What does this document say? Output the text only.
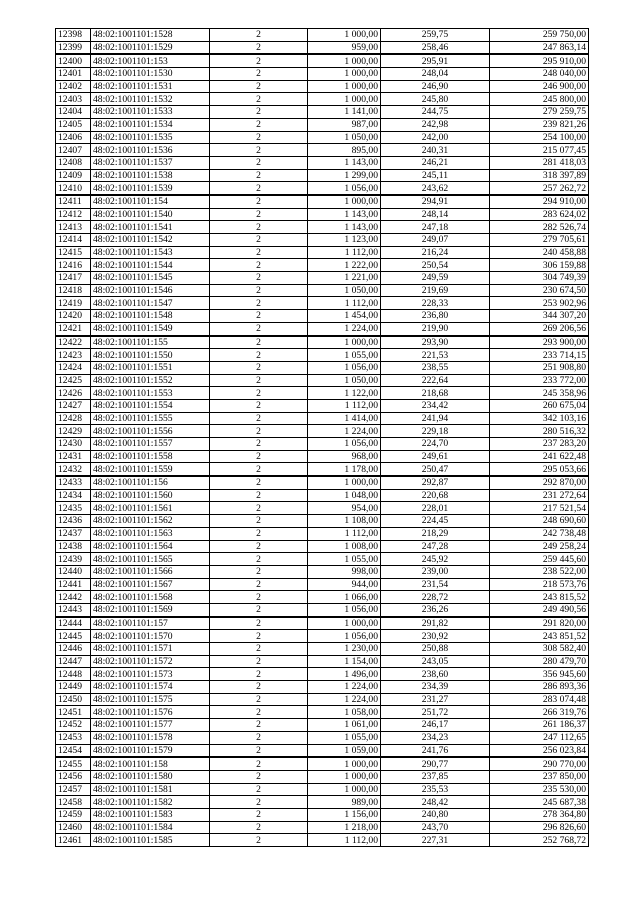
12398	48:02:1001101:1528	2	1 000,00	259,75	259 750,00
12399	48:02:1001101:1529	2	959,00	258,46	247 863,14
12400	48:02:1001101:153	2	1 000,00	295,91	295 910,00
12401	48:02:1001101:1530	2	1 000,00	248,04	248 040,00
12402	48:02:1001101:1531	2	1 000,00	246,90	246 900,00
12403	48:02:1001101:1532	2	1 000,00	245,80	245 800,00
12404	48:02:1001101:1533	2	1 141,00	244,75	279 259,75
12405	48:02:1001101:1534	2	987,00	242,98	239 821,26
12406	48:02:1001101:1535	2	1 050,00	242,00	254 100,00
12407	48:02:1001101:1536	2	895,00	240,31	215 077,45
12408	48:02:1001101:1537	2	1 143,00	246,21	281 418,03
12409	48:02:1001101:1538	2	1 299,00	245,11	318 397,89
12410	48:02:1001101:1539	2	1 056,00	243,62	257 262,72
12411	48:02:1001101:154	2	1 000,00	294,91	294 910,00
12412	48:02:1001101:1540	2	1 143,00	248,14	283 624,02
12413	48:02:1001101:1541	2	1 143,00	247,18	282 526,74
12414	48:02:1001101:1542	2	1 123,00	249,07	279 705,61
12415	48:02:1001101:1543	2	1 112,00	216,24	240 458,88
12416	48:02:1001101:1544	2	1 222,00	250,54	306 159,88
12417	48:02:1001101:1545	2	1 221,00	249,59	304 749,39
12418	48:02:1001101:1546	2	1 050,00	219,69	230 674,50
12419	48:02:1001101:1547	2	1 112,00	228,33	253 902,96
12420	48:02:1001101:1548	2	1 454,00	236,80	344 307,20
12421	48:02:1001101:1549	2	1 224,00	219,90	269 206,56
12422	48:02:1001101:155	2	1 000,00	293,90	293 900,00
12423	48:02:1001101:1550	2	1 055,00	221,53	233 714,15
12424	48:02:1001101:1551	2	1 056,00	238,55	251 908,80
12425	48:02:1001101:1552	2	1 050,00	222,64	233 772,00
12426	48:02:1001101:1553	2	1 122,00	218,68	245 358,96
12427	48:02:1001101:1554	2	1 112,00	234,42	260 675,04
12428	48:02:1001101:1555	2	1 414,00	241,94	342 103,16
12429	48:02:1001101:1556	2	1 224,00	229,18	280 516,32
12430	48:02:1001101:1557	2	1 056,00	224,70	237 283,20
12431	48:02:1001101:1558	2	968,00	249,61	241 622,48
12432	48:02:1001101:1559	2	1 178,00	250,47	295 053,66
12433	48:02:1001101:156	2	1 000,00	292,87	292 870,00
12434	48:02:1001101:1560	2	1 048,00	220,68	231 272,64
12435	48:02:1001101:1561	2	954,00	228,01	217 521,54
12436	48:02:1001101:1562	2	1 108,00	224,45	248 690,60
12437	48:02:1001101:1563	2	1 112,00	218,29	242 738,48
12438	48:02:1001101:1564	2	1 008,00	247,28	249 258,24
12439	48:02:1001101:1565	2	1 055,00	245,92	259 445,60
12440	48:02:1001101:1566	2	998,00	239,00	238 522,00
12441	48:02:1001101:1567	2	944,00	231,54	218 573,76
12442	48:02:1001101:1568	2	1 066,00	228,72	243 815,52
12443	48:02:1001101:1569	2	1 056,00	236,26	249 490,56
12444	48:02:1001101:157	2	1 000,00	291,82	291 820,00
12445	48:02:1001101:1570	2	1 056,00	230,92	243 851,52
12446	48:02:1001101:1571	2	1 230,00	250,88	308 582,40
12447	48:02:1001101:1572	2	1 154,00	243,05	280 479,70
12448	48:02:1001101:1573	2	1 496,00	238,60	356 945,60
12449	48:02:1001101:1574	2	1 224,00	234,39	286 893,36
12450	48:02:1001101:1575	2	1 224,00	231,27	283 074,48
12451	48:02:1001101:1576	2	1 058,00	251,72	266 319,76
12452	48:02:1001101:1577	2	1 061,00	246,17	261 186,37
12453	48:02:1001101:1578	2	1 055,00	234,23	247 112,65
12454	48:02:1001101:1579	2	1 059,00	241,76	256 023,84
12455	48:02:1001101:158	2	1 000,00	290,77	290 770,00
12456	48:02:1001101:1580	2	1 000,00	237,85	237 850,00
12457	48:02:1001101:1581	2	1 000,00	235,53	235 530,00
12458	48:02:1001101:1582	2	989,00	248,42	245 687,38
12459	48:02:1001101:1583	2	1 156,00	240,80	278 364,80
12460	48:02:1001101:1584	2	1 218,00	243,70	296 826,60
12461	48:02:1001101:1585	2	1 112,00	227,31	252 768,72
